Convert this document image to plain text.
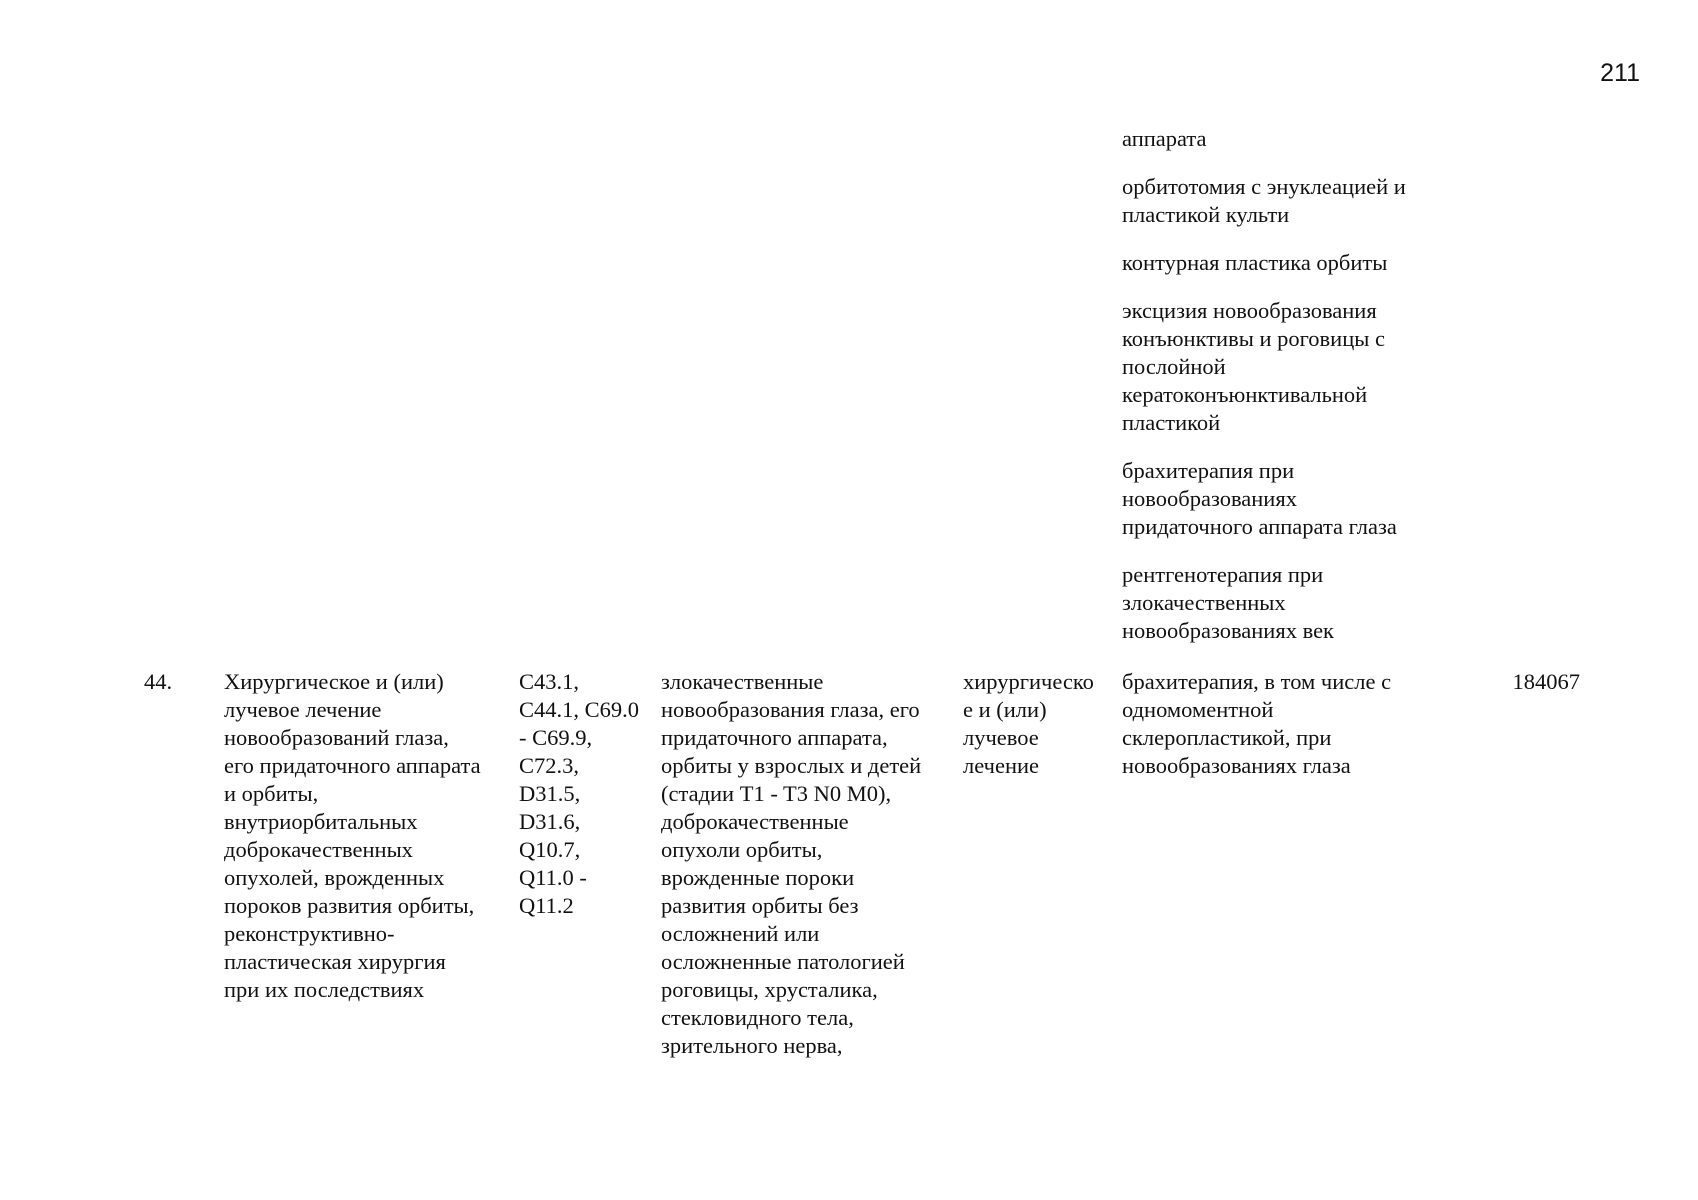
211

аппарата

орбитотомия с энуклеацией и
пластикой культи

контурная пластика орбиты

эксцизия новообразования
конъюнктивы и роговицы с
послойной
кератоконъюнктивальной
пластикой

брахитерапия при
новообразованиях
придаточного аппарата глаза

рентгенотерапия при
злокачественных
новообразованиях век

44.	Хирургическое и (или)
лучевое лечение
новообразований глаза,
его придаточного аппарата
и орбиты,
внутриорбитальных
доброкачественных
опухолей, врожденных
пороков развития орбиты,
реконструктивно-
пластическая хирургия
при их последствиях
C43.1,
C44.1, C69.0
- C69.9,
C72.3,
D31.5,
D31.6,
Q10.7,
Q11.0 -
Q11.2
злокачественные
новообразования глаза, его
придаточного аппарата,
орбиты у взрослых и детей
(стадии T1 - T3 N0 M0),
доброкачественные
опухоли орбиты,
врожденные пороки
развития орбиты без
осложнений или
осложненные патологией
роговицы, хрусталика,
стекловидного тела,
зрительного нерва,
хирургическо
е и (или)
лучевое
лечение
брахитерапия, в том числе с
одномоментной
склеропластикой, при
новообразованиях глаза
184067
